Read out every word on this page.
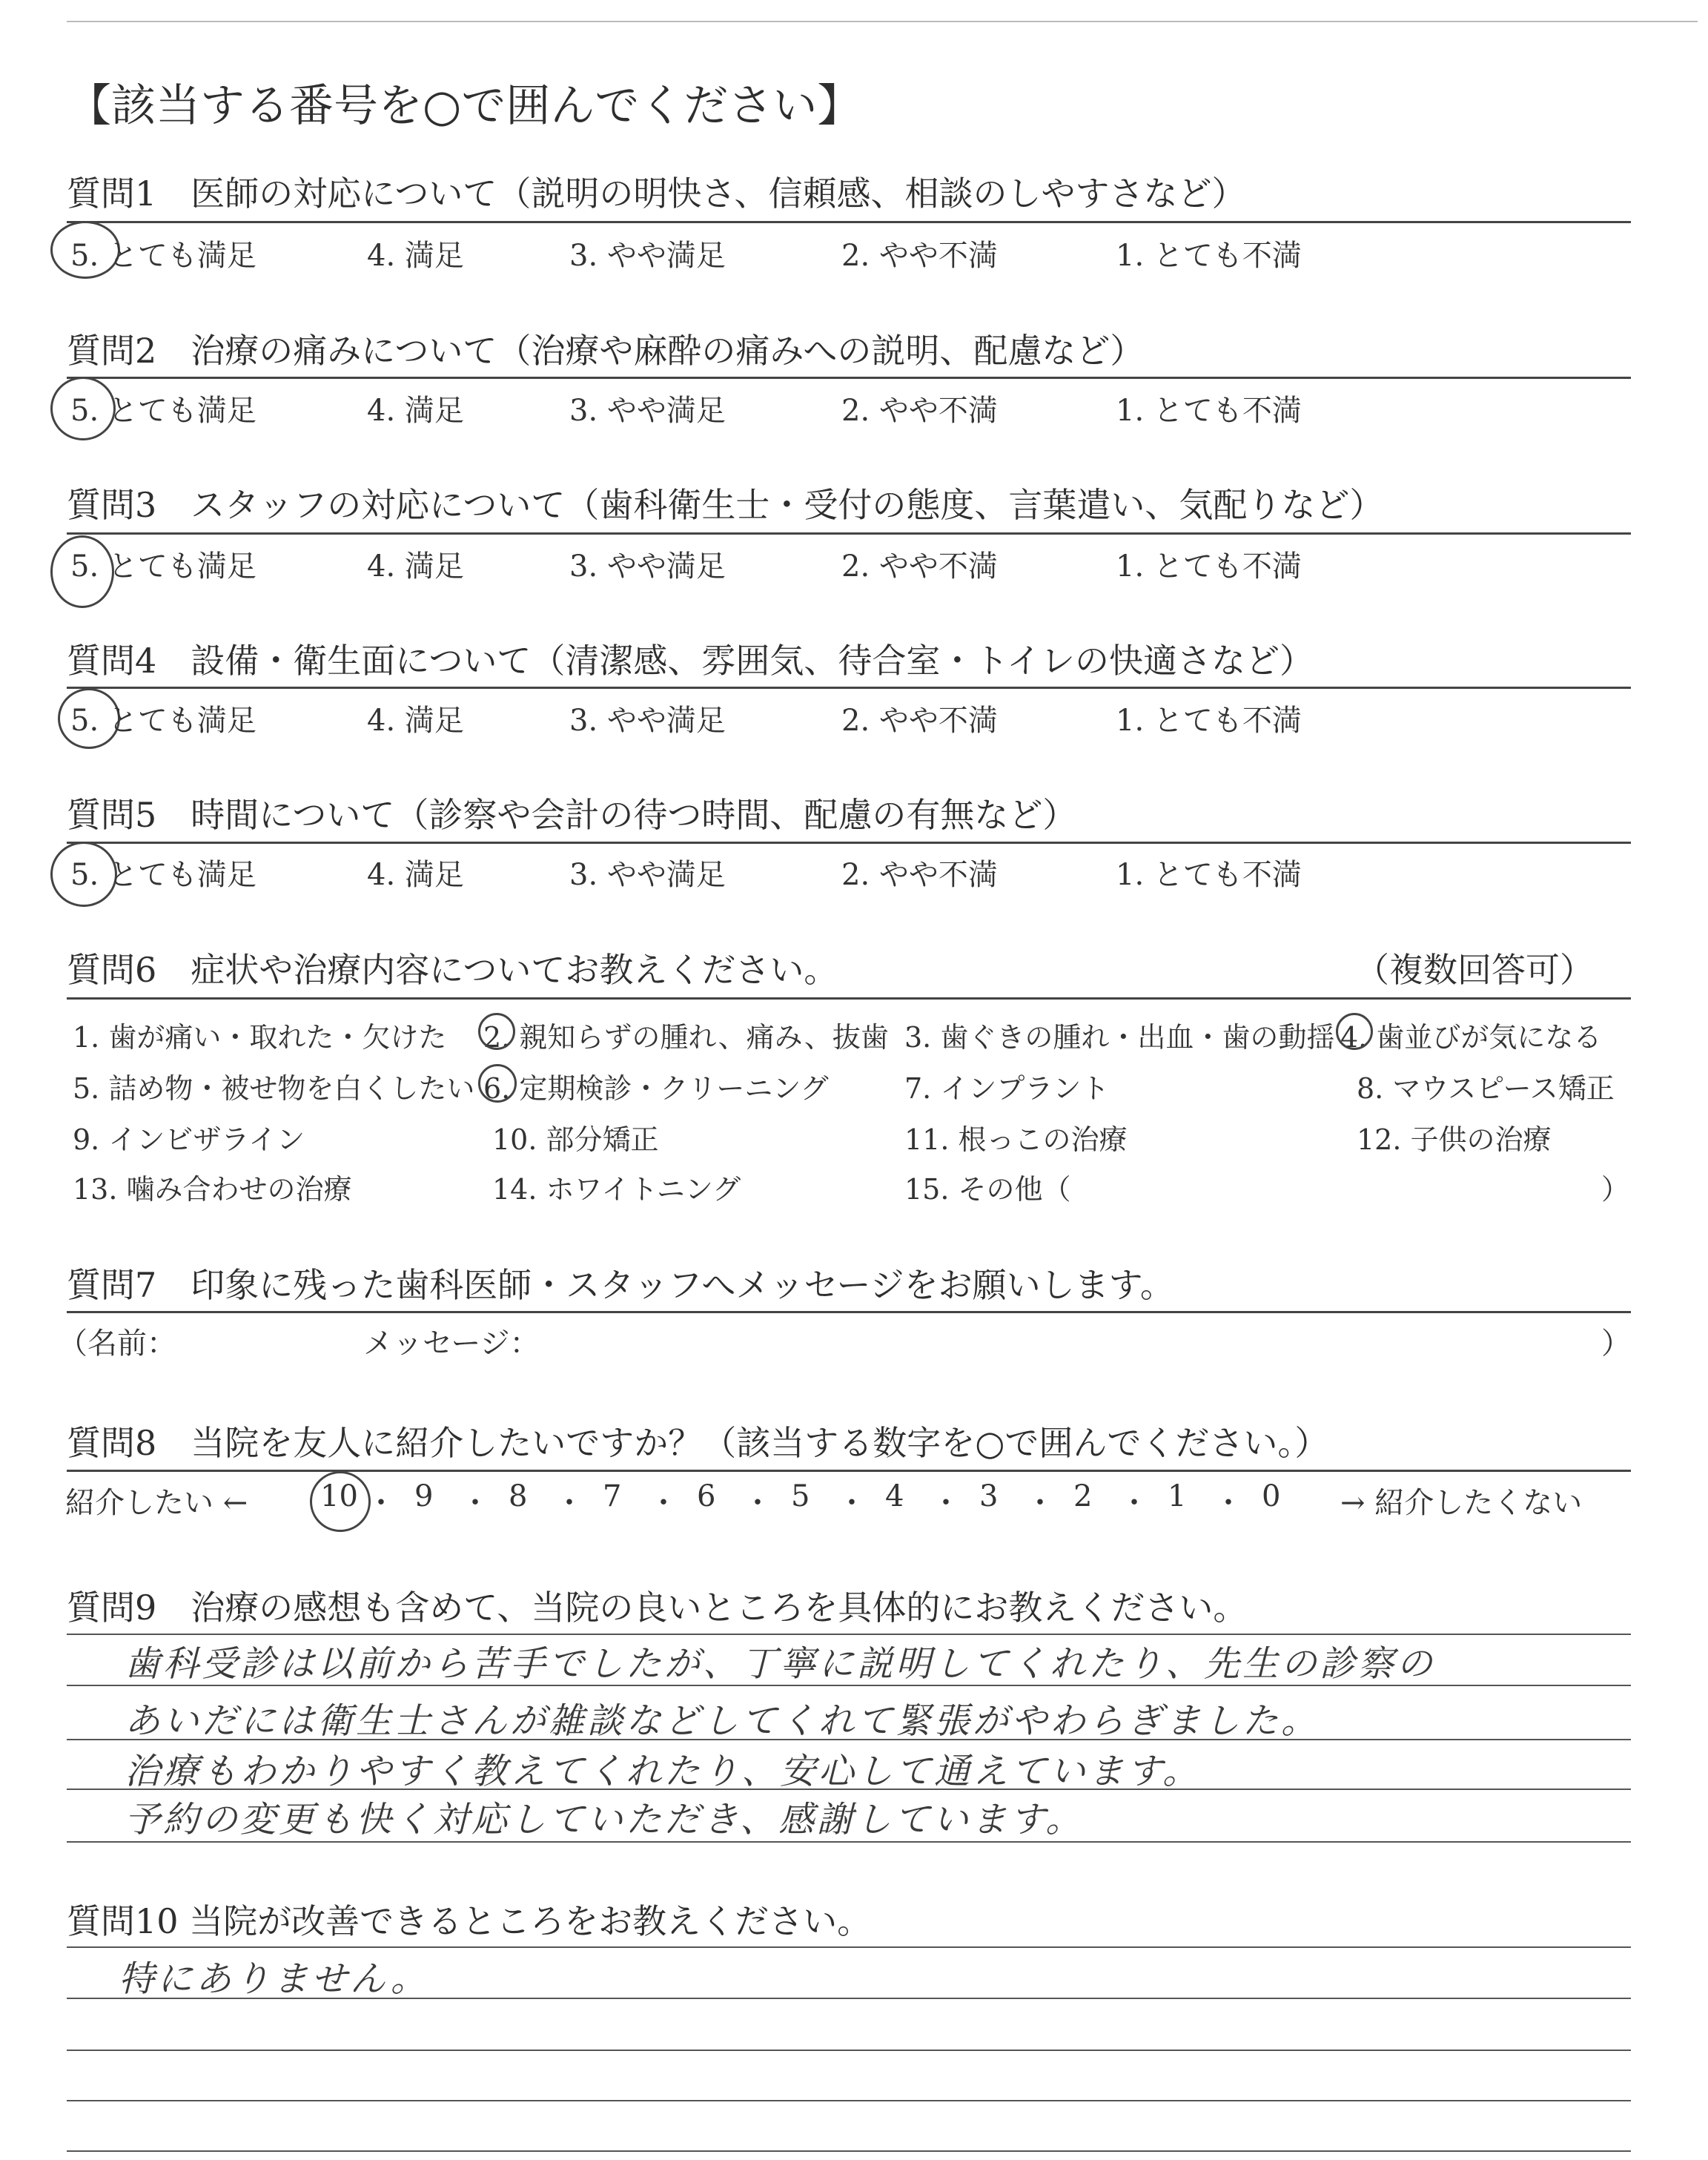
【該当する番号を○で囲んでください】
質問1　医師の対応について（説明の明快さ、信頼感、相談のしやすさなど）
5. とても満足	4. 満足	3. やや満足	2. やや不満	1. とても不満
質問2　治療の痛みについて（治療や麻酔の痛みへの説明、配慮など）
5. とても満足	4. 満足	3. やや満足	2. やや不満	1. とても不満
質問3　スタッフの対応について（歯科衛生士・受付の態度、言葉遣い、気配りなど）
5. とても満足	4. 満足	3. やや満足	2. やや不満	1. とても不満
質問4　設備・衛生面について（清潔感、雰囲気、待合室・トイレの快適さなど）
5. とても満足	4. 満足	3. やや満足	2. やや不満	1. とても不満
質問5　時間について（診察や会計の待つ時間、配慮の有無など）
5. とても満足	4. 満足	3. やや満足	2. やや不満	1. とても不満
質問6　症状や治療内容についてお教えください。	（複数回答可）
1. 歯が痛い・取れた・欠けた 2. 親知らずの腫れ、痛み、抜歯 3. 歯ぐきの腫れ・出血・歯の動揺 4. 歯並びが気になる
5. 詰め物・被せ物を白くしたい 6. 定期検診・クリーニング	7. インプラント	8. マウスピース矯正
9. インビザライン	10. 部分矯正	11. 根っこの治療	12. 子供の治療
13. 噛み合わせの治療	14. ホワイトニング	15. その他（	）
質問7　印象に残った歯科医師・スタッフへメッセージをお願いします。
（名前：	メッセージ：	）
質問8　当院を友人に紹介したいですか？（該当する数字を○で囲んでください。）
紹介したい ← 10 ・ 9 ・ 8 ・ 7 ・ 6 ・ 5 ・ 4 ・ 3 ・ 2 ・ 1 ・ 0 → 紹介したくない
質問9　治療の感想も含めて、当院の良いところを具体的にお教えください。
歯科受診は以前から苦手でしたが、丁寧に説明してくれたり、先生の診察の
あいだには衛生士さんが雑談などしてくれて緊張がやわらぎました。
治療もわかりやすく教えてくれたり、安心して通えています。
予約の変更も快く対応していただき、感謝しています。
質問10 当院が改善できるところをお教えください。
特にありません。
